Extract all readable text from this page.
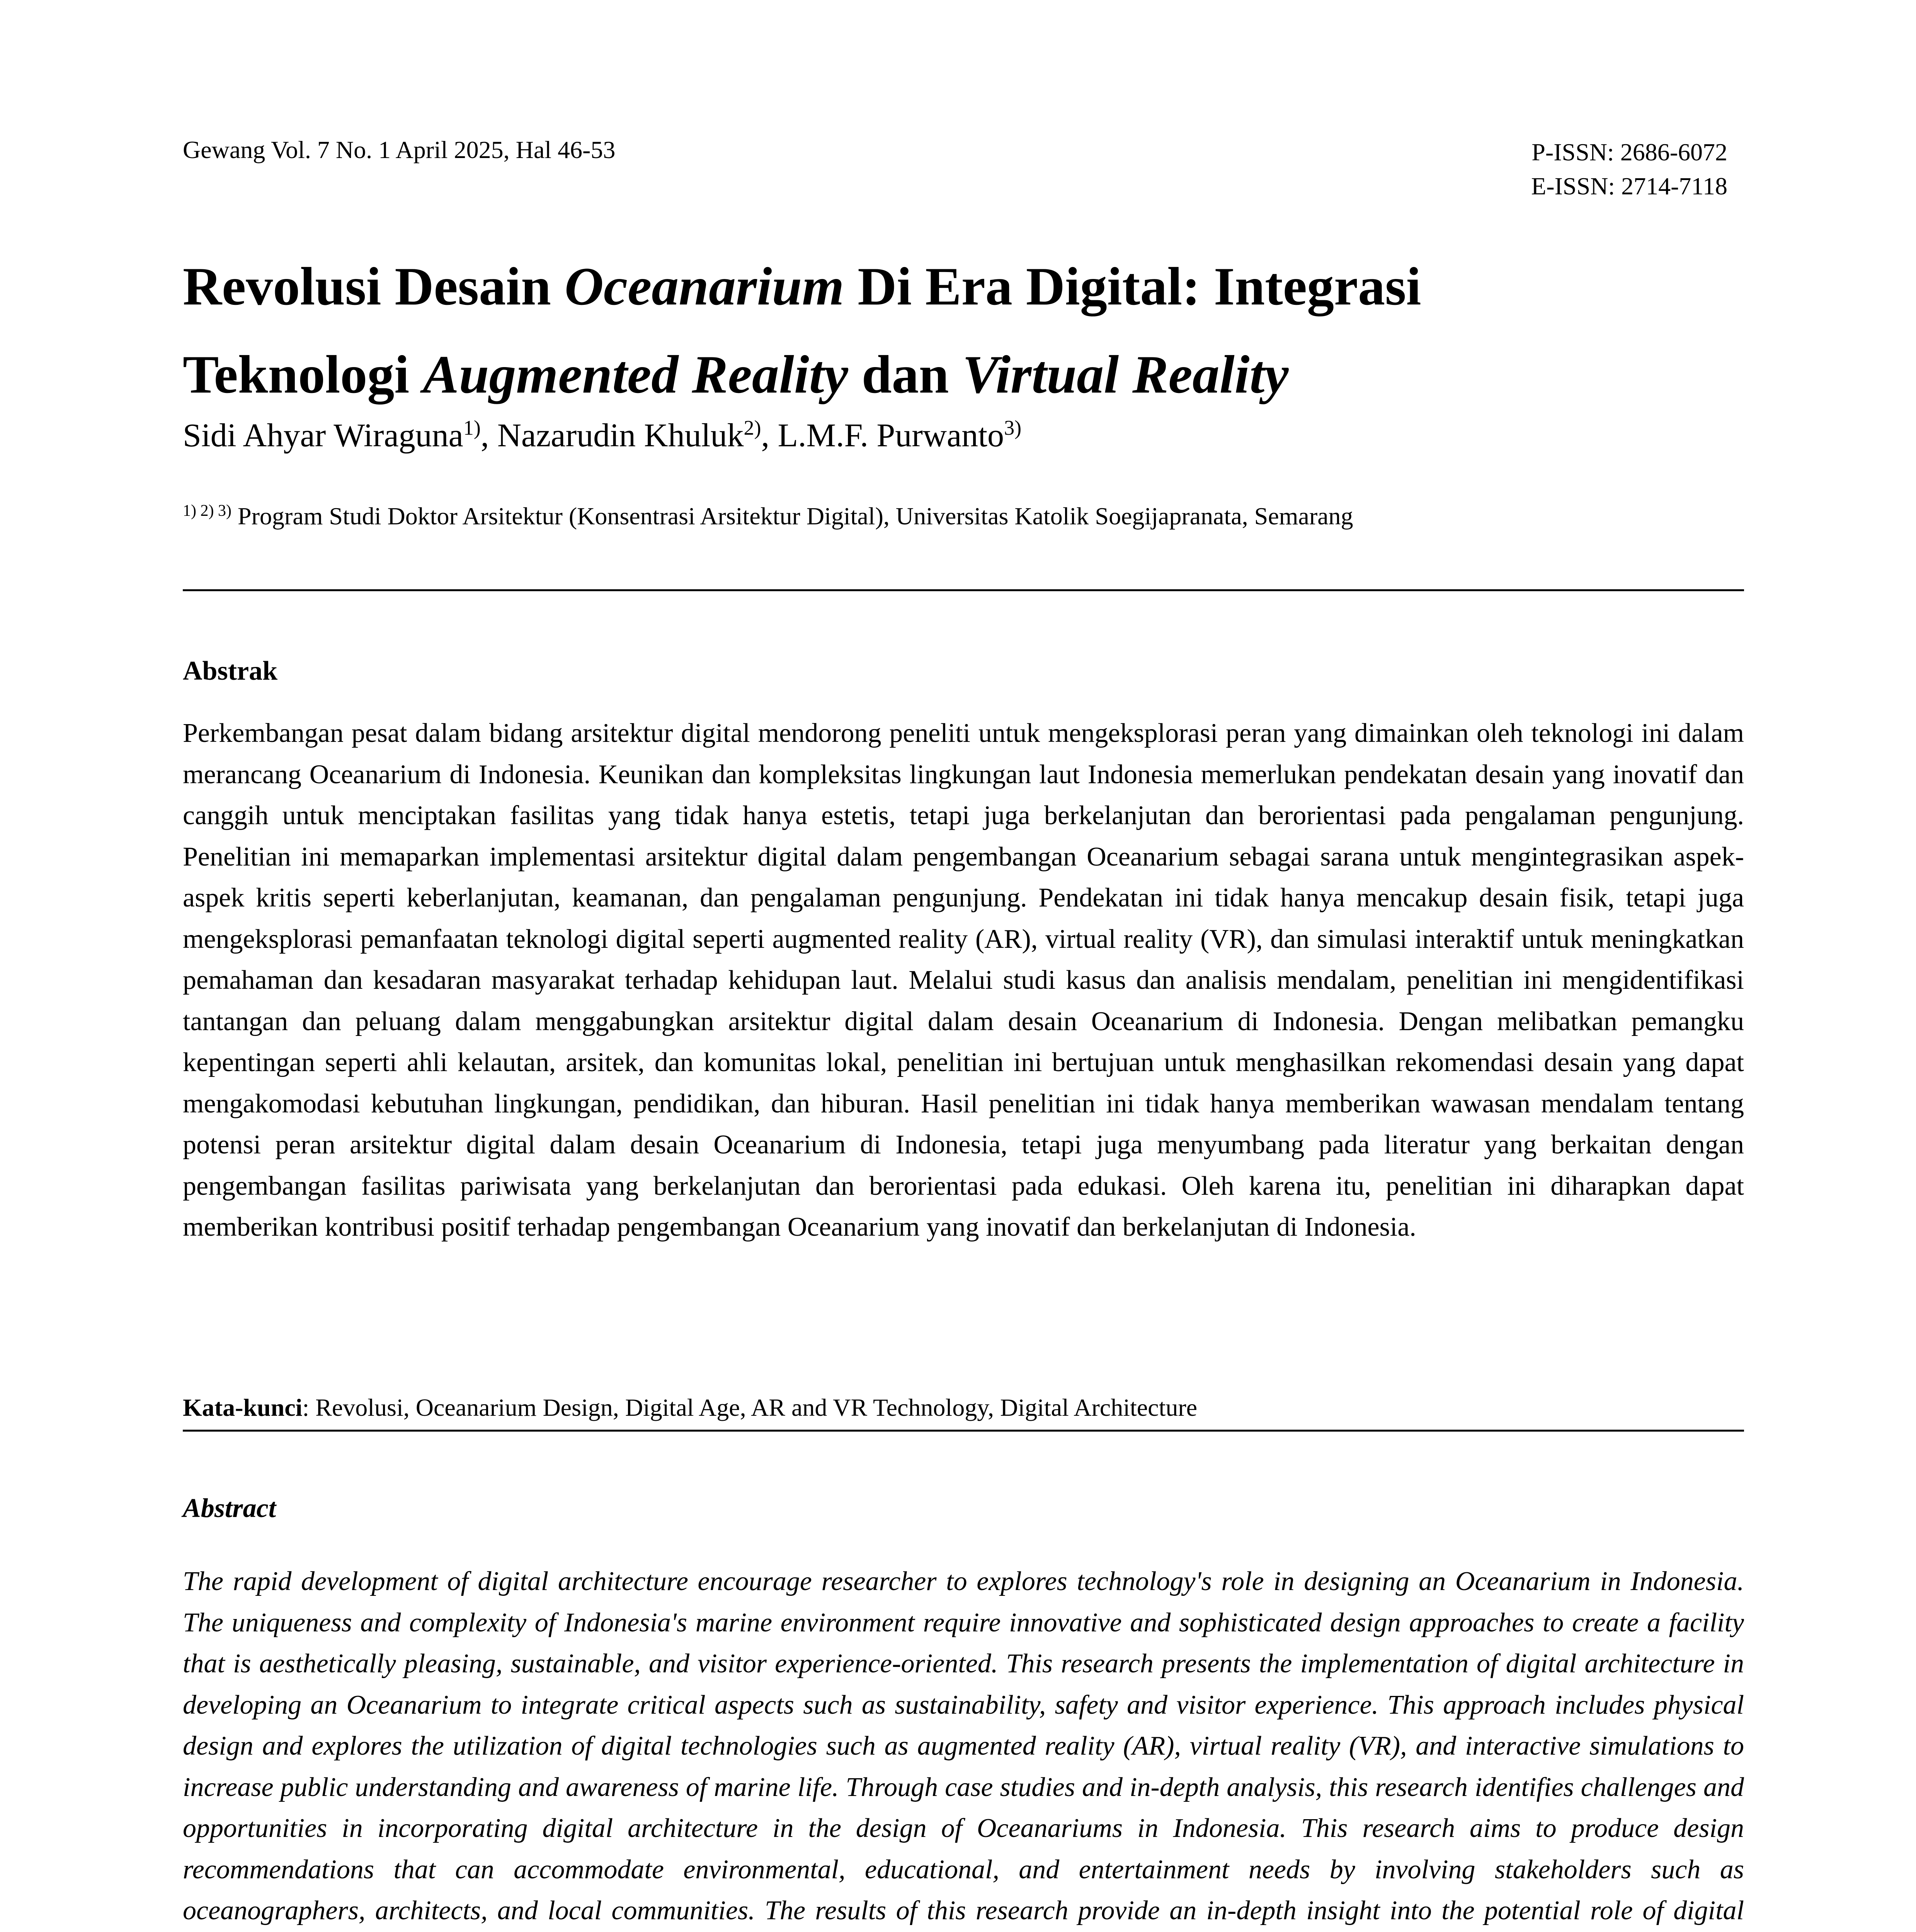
Gewang Vol. 7 No. 1 April 2025, Hal 46-53	P-ISSN: 2686-6072
E-ISSN: 2714-7118
Revolusi Desain Oceanarium Di Era Digital: Integrasi
Teknologi Augmented Reality dan Virtual Reality
Sidi Ahyar Wiraguna$^{1)}$, Nazarudin Khuluk$^{2)}$, L.M.F. Purwanto$^{3)}$
$^{1) 2) 3)}$ Program Studi Doktor Arsitektur (Konsentrasi Arsitektur Digital), Universitas Katolik Soegijapranata, Semarang
Abstrak
Perkembangan pesat dalam bidang arsitektur digital mendorong peneliti untuk mengeksplorasi peran yang dimainkan oleh teknologi ini dalam merancang Oceanarium di Indonesia. Keunikan dan kompleksitas lingkungan laut Indonesia memerlukan pendekatan desain yang inovatif dan canggih untuk menciptakan fasilitas yang tidak hanya estetis, tetapi juga berkelanjutan dan berorientasi pada pengalaman pengunjung. Penelitian ini memaparkan implementasi arsitektur digital dalam pengembangan Oceanarium sebagai sarana untuk mengintegrasikan aspek-aspek kritis seperti keberlanjutan, keamanan, dan pengalaman pengunjung. Pendekatan ini tidak hanya mencakup desain fisik, tetapi juga mengeksplorasi pemanfaatan teknologi digital seperti augmented reality (AR), virtual reality (VR), dan simulasi interaktif untuk meningkatkan pemahaman dan kesadaran masyarakat terhadap kehidupan laut. Melalui studi kasus dan analisis mendalam, penelitian ini mengidentifikasi tantangan dan peluang dalam menggabungkan arsitektur digital dalam desain Oceanarium di Indonesia. Dengan melibatkan pemangku kepentingan seperti ahli kelautan, arsitek, dan komunitas lokal, penelitian ini bertujuan untuk menghasilkan rekomendasi desain yang dapat mengakomodasi kebutuhan lingkungan, pendidikan, dan hiburan. Hasil penelitian ini tidak hanya memberikan wawasan mendalam tentang potensi peran arsitektur digital dalam desain Oceanarium di Indonesia, tetapi juga menyumbang pada literatur yang berkaitan dengan pengembangan fasilitas pariwisata yang berkelanjutan dan berorientasi pada edukasi. Oleh karena itu, penelitian ini diharapkan dapat memberikan kontribusi positif terhadap pengembangan Oceanarium yang inovatif dan berkelanjutan di Indonesia.
Kata-kunci: Revolusi, Oceanarium Design, Digital Age, AR and VR Technology, Digital Architecture
Abstract
The rapid development of digital architecture encourage researcher to explores technology's role in designing an Oceanarium in Indonesia. The uniqueness and complexity of Indonesia's marine environment require innovative and sophisticated design approaches to create a facility that is aesthetically pleasing, sustainable, and visitor experience-oriented. This research presents the implementation of digital architecture in developing an Oceanarium to integrate critical aspects such as sustainability, safety and visitor experience. This approach includes physical design and explores the utilization of digital technologies such as augmented reality (AR), virtual reality (VR), and interactive simulations to increase public understanding and awareness of marine life. Through case studies and in-depth analysis, this research identifies challenges and opportunities in incorporating digital architecture in the design of Oceanariums in Indonesia. This research aims to produce design recommendations that can accommodate environmental, educational, and entertainment needs by involving stakeholders such as oceanographers, architects, and local communities. The results of this research provide an in-depth insight into the potential role of digital
